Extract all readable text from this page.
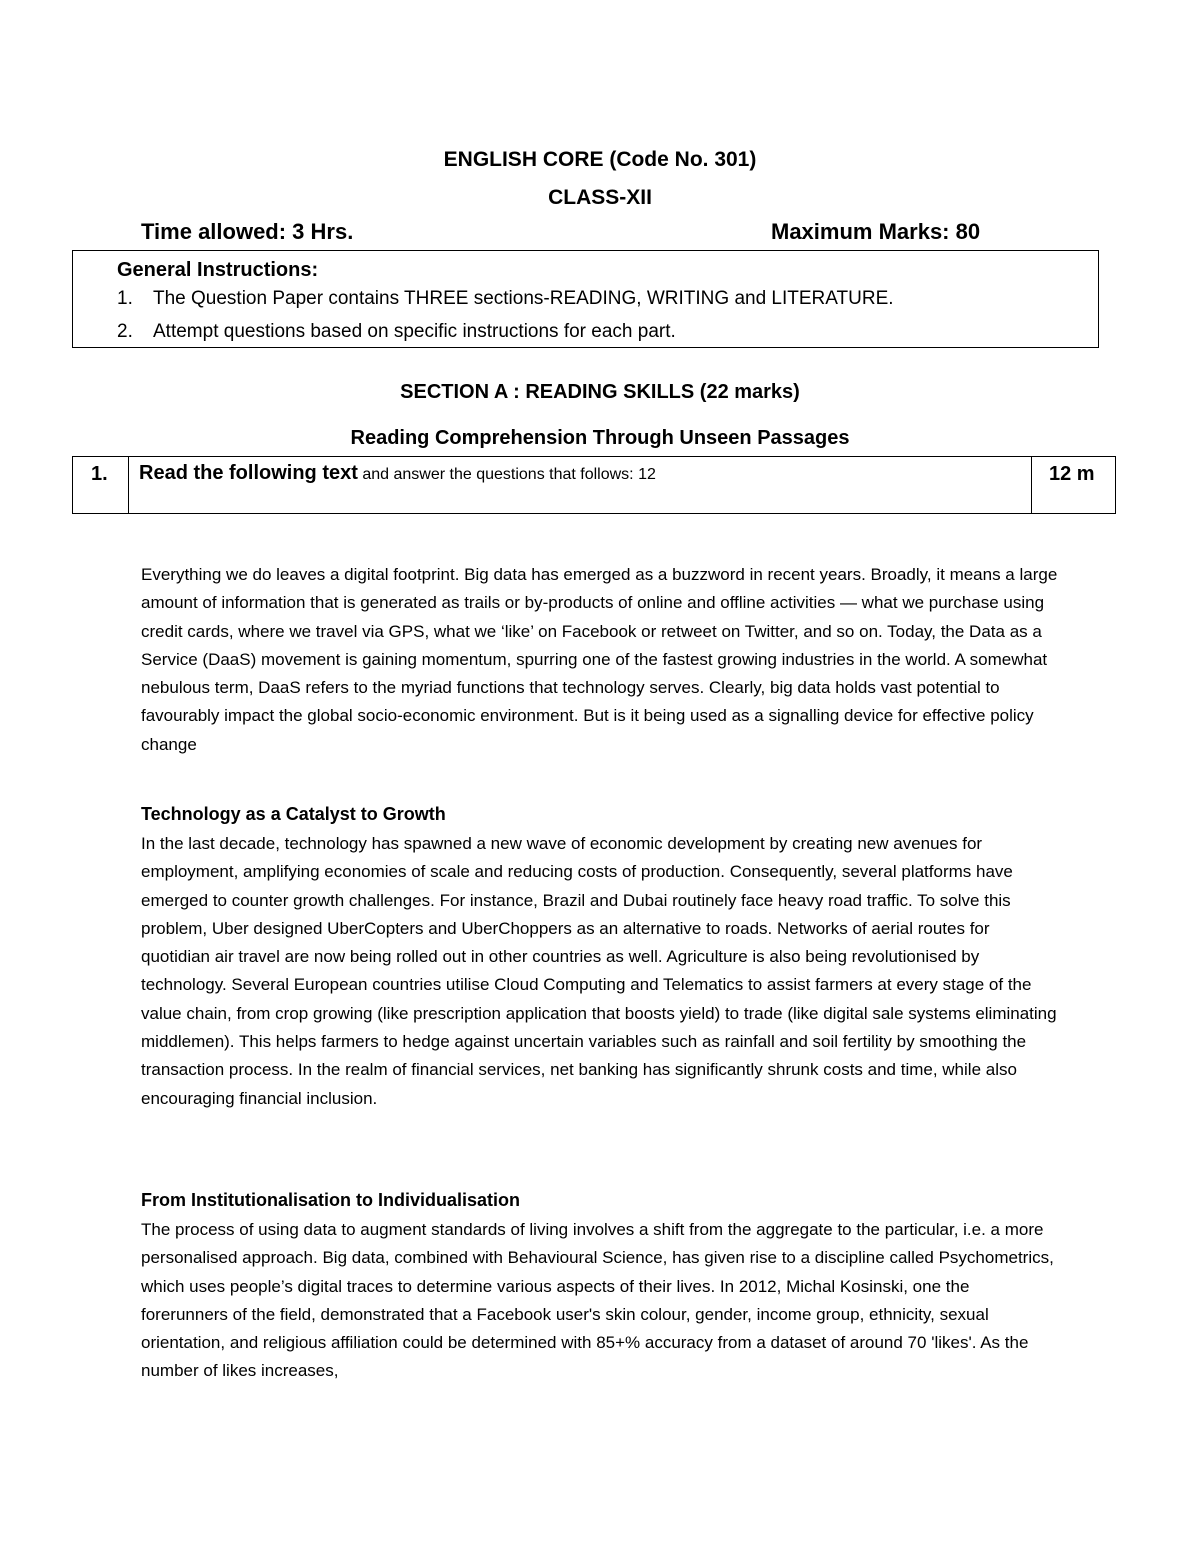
ENGLISH CORE (Code No. 301)
CLASS-XII
Time allowed: 3 Hrs.	Maximum Marks: 80
General Instructions:
1. The Question Paper contains THREE sections-READING, WRITING and LITERATURE.
2. Attempt questions based on specific instructions for each part.
SECTION A : READING SKILLS (22 marks)
Reading Comprehension Through Unseen Passages
1. Read the following text and answer the questions that follows: 12	12 m

Everything we do leaves a digital footprint. Big data has emerged as a buzzword in recent years. Broadly, it means a large amount of information that is generated as trails or by-products of online and offline activities — what we purchase using credit cards, where we travel via GPS, what we ‘like’ on Facebook or retweet on Twitter, and so on. Today, the Data as a Service (DaaS) movement is gaining momentum, spurring one of the fastest growing industries in the world. A somewhat nebulous term, DaaS refers to the myriad functions that technology serves. Clearly, big data holds vast potential to favourably impact the global socio-economic environment. But is it being used as a signalling device for effective policy change

Technology as a Catalyst to Growth

In the last decade, technology has spawned a new wave of economic development by creating new avenues for employment, amplifying economies of scale and reducing costs of production. Consequently, several platforms have emerged to counter growth challenges. For instance, Brazil and Dubai routinely face heavy road traffic. To solve this problem, Uber designed UberCopters and UberChoppers as an alternative to roads. Networks of aerial routes for quotidian air travel are now being rolled out in other countries as well. Agriculture is also being revolutionised by technology. Several European countries utilise Cloud Computing and Telematics to assist farmers at every stage of the value chain, from crop growing (like prescription application that boosts yield) to trade (like digital sale systems eliminating middlemen). This helps farmers to hedge against uncertain variables such as rainfall and soil fertility by smoothing the transaction process. In the realm of financial services, net banking has significantly shrunk costs and time, while also encouraging financial inclusion.

From Institutionalisation to Individualisation

The process of using data to augment standards of living involves a shift from the aggregate to the particular, i.e. a more personalised approach. Big data, combined with Behavioural Science, has given rise to a discipline called Psychometrics, which uses people’s digital traces to determine various aspects of their lives. In 2012, Michal Kosinski, one the forerunners of the field, demonstrated that a Facebook user's skin colour, gender, income group, ethnicity, sexual orientation, and religious affiliation could be determined with 85+% accuracy from a dataset of around 70 'likes'. As the number of likes increases,
